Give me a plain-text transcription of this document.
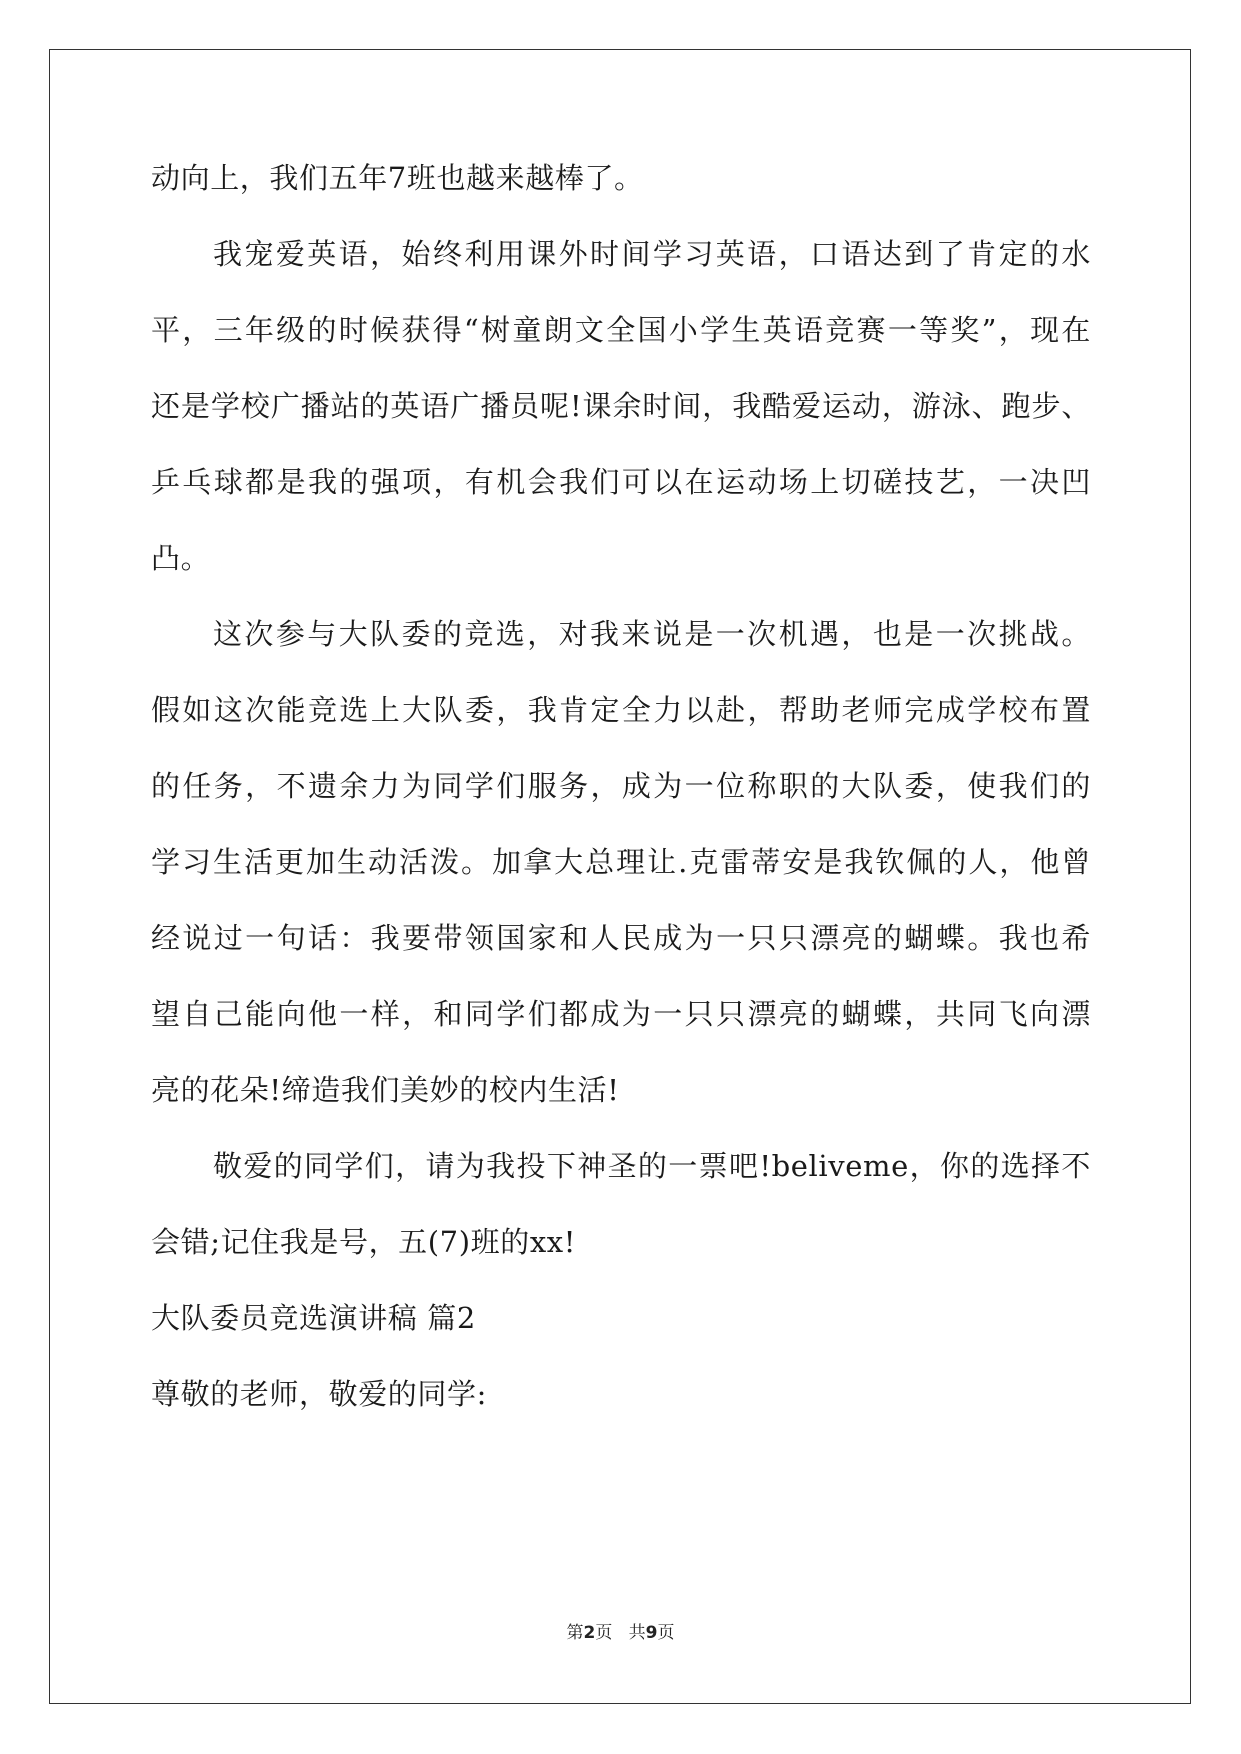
动向上，我们五年7班也越来越棒了。
我宠爱英语，始终利用课外时间学习英语，口语达到了肯定的水
平，三年级的时候获得“树童朗文全国小学生英语竞赛一等奖”，现在
还是学校广播站的英语广播员呢!课余时间，我酷爱运动，游泳、跑步、
乒乓球都是我的强项，有机会我们可以在运动场上切磋技艺，一决凹
凸。
这次参与大队委的竞选，对我来说是一次机遇，也是一次挑战。
假如这次能竞选上大队委，我肯定全力以赴，帮助老师完成学校布置
的任务，不遗余力为同学们服务，成为一位称职的大队委，使我们的
学习生活更加生动活泼。加拿大总理让.克雷蒂安是我钦佩的人，他曾
经说过一句话：我要带领国家和人民成为一只只漂亮的蝴蝶。我也希
望自己能向他一样，和同学们都成为一只只漂亮的蝴蝶，共同飞向漂
亮的花朵!缔造我们美妙的校内生活!
敬爱的同学们，请为我投下神圣的一票吧!beliveme，你的选择不
会错;记住我是号，五(7)班的xx!
大队委员竞选演讲稿 篇2
尊敬的老师，敬爱的同学:
第2页   共9页
